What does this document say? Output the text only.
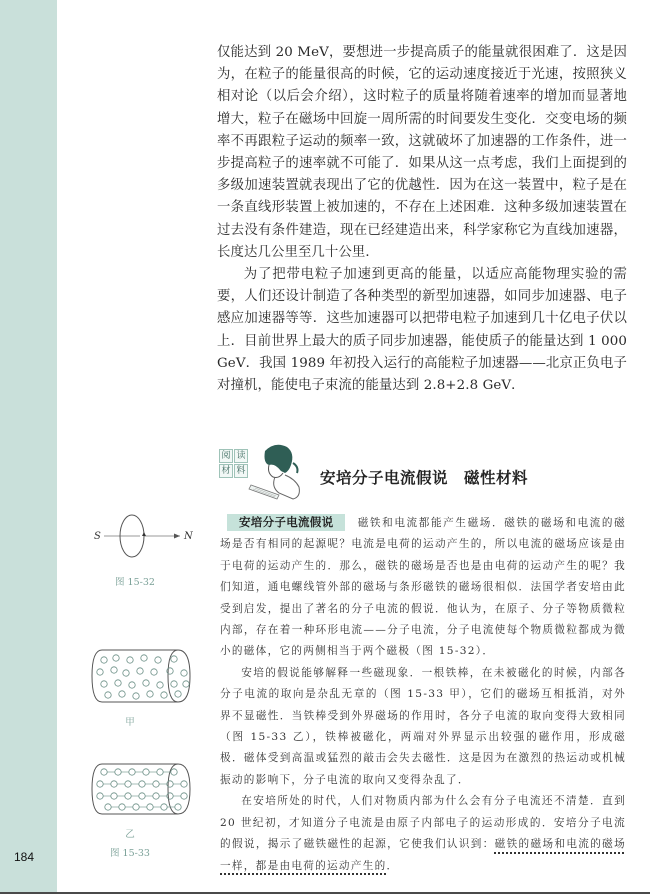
184

仅能达到 20 MeV，要想进一步提高质子的能量就很困难了．这是因为，在粒子的能量很高的时候，它的运动速度接近于光速，按照狭义相对论（以后会介绍），这时粒子的质量将随着速率的增加而显著地增大，粒子在磁场中回旋一周所需的时间要发生变化．交变电场的频率不再跟粒子运动的频率一致，这就破坏了加速器的工作条件，进一步提高粒子的速率就不可能了．如果从这一点考虑，我们上面提到的多级加速装置就表现出了它的优越性．因为在这一装置中，粒子是在一条直线形装置上被加速的，不存在上述困难．这种多级加速装置在过去没有条件建造，现在已经建造出来，科学家称它为直线加速器，长度达几公里至几十公里．

为了把带电粒子加速到更高的能量，以适应高能物理实验的需要，人们还设计制造了各种类型的新型加速器，如同步加速器、电子感应加速器等等．这些加速器可以把带电粒子加速到几十亿电子伏以上．目前世界上最大的质子同步加速器，能使质子的能量达到 1 000 GeV．我国 1989 年初投入运行的高能粒子加速器——北京正负电子对撞机，能使电子束流的能量达到 2.8+2.8 GeV．

阅 读
材 料	安培分子电流假说　磁性材料

安培分子电流假说 磁铁和电流都能产生磁场．磁铁的磁场和电流的磁场是否有相同的起源呢？电流是电荷的运动产生的，所以电流的磁场应该是由于电荷的运动产生的．那么，磁铁的磁场是否也是由电荷的运动产生的呢？我们知道，通电螺线管外部的磁场与条形磁铁的磁场很相似．法国学者安培由此受到启发，提出了著名的分子电流的假说．他认为，在原子、分子等物质微粒内部，存在着一种环形电流——分子电流，分子电流使每个物质微粒都成为微小的磁体，它的两侧相当于两个磁极（图 15-32）．

安培的假说能够解释一些磁现象．一根铁棒，在未被磁化的时候，内部各分子电流的取向是杂乱无章的（图 15-33 甲），它们的磁场互相抵消，对外界不显磁性．当铁棒受到外界磁场的作用时，各分子电流的取向变得大致相同（图 15-33 乙），铁棒被磁化，两端对外界显示出较强的磁作用，形成磁极．磁体受到高温或猛烈的敲击会失去磁性．这是因为在激烈的热运动或机械振动的影响下，分子电流的取向又变得杂乱了．

在安培所处的时代，人们对物质内部为什么会有分子电流还不清楚．直到 20 世纪初，才知道分子电流是由原子内部电子的运动形成的．安培分子电流的假说，揭示了磁铁磁性的起源，它使我们认识到：磁铁的磁场和电流的磁场一样，都是由电荷的运动产生的．

S	N
图 15-32
甲
乙
图 15-33
